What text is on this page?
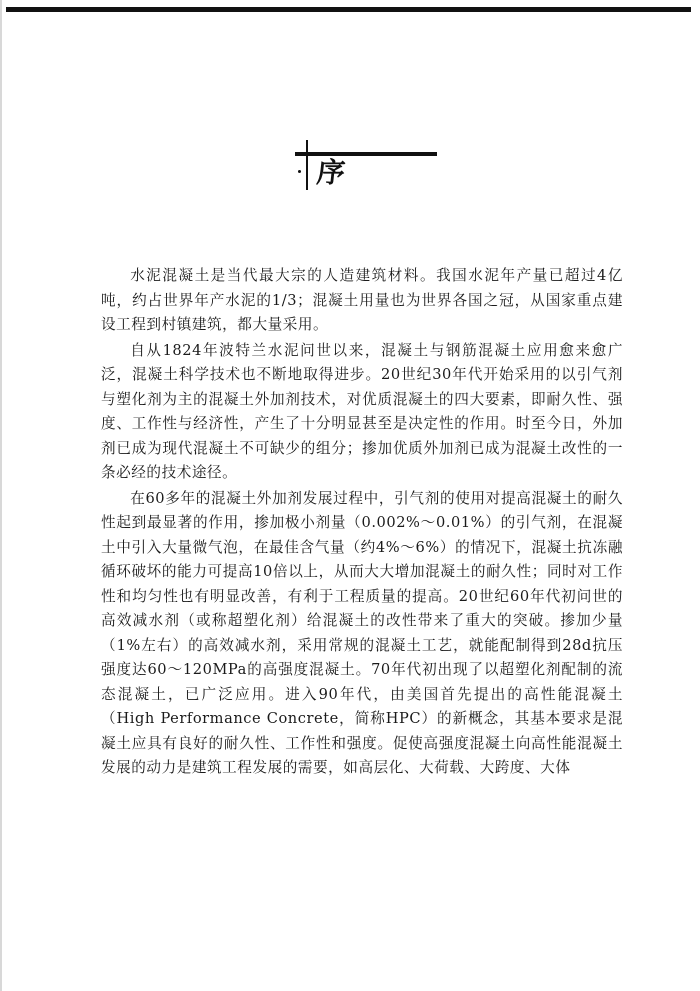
序

水泥混凝土是当代最大宗的人造建筑材料。我国水泥年产量已超过4亿吨，约占世界年产水泥的1/3；混凝土用量也为世界各国之冠，从国家重点建设工程到村镇建筑，都大量采用。

自从1824年波特兰水泥问世以来，混凝土与钢筋混凝土应用愈来愈广泛，混凝土科学技术也不断地取得进步。20世纪30年代开始采用的以引气剂与塑化剂为主的混凝土外加剂技术，对优质混凝土的四大要素，即耐久性、强度、工作性与经济性，产生了十分明显甚至是决定性的作用。时至今日，外加剂已成为现代混凝土不可缺少的组分；掺加优质外加剂已成为混凝土改性的一条必经的技术途径。

在60多年的混凝土外加剂发展过程中，引气剂的使用对提高混凝土的耐久性起到最显著的作用，掺加极小剂量（0.002%～0.01%）的引气剂，在混凝土中引入大量微气泡，在最佳含气量（约4%～6%）的情况下，混凝土抗冻融循环破坏的能力可提高10倍以上，从而大大增加混凝土的耐久性；同时对工作性和均匀性也有明显改善，有利于工程质量的提高。20世纪60年代初问世的高效减水剂（或称超塑化剂）给混凝土的改性带来了重大的突破。掺加少量（1%左右）的高效减水剂，采用常规的混凝土工艺，就能配制得到28d抗压强度达60～120MPa的高强度混凝土。70年代初出现了以超塑化剂配制的流态混凝土，已广泛应用。进入90年代，由美国首先提出的高性能混凝土（High Performance Concrete，简称HPC）的新概念，其基本要求是混凝土应具有良好的耐久性、工作性和强度。促使高强度混凝土向高性能混凝土发展的动力是建筑工程发展的需要，如高层化、大荷载、大跨度、大体
